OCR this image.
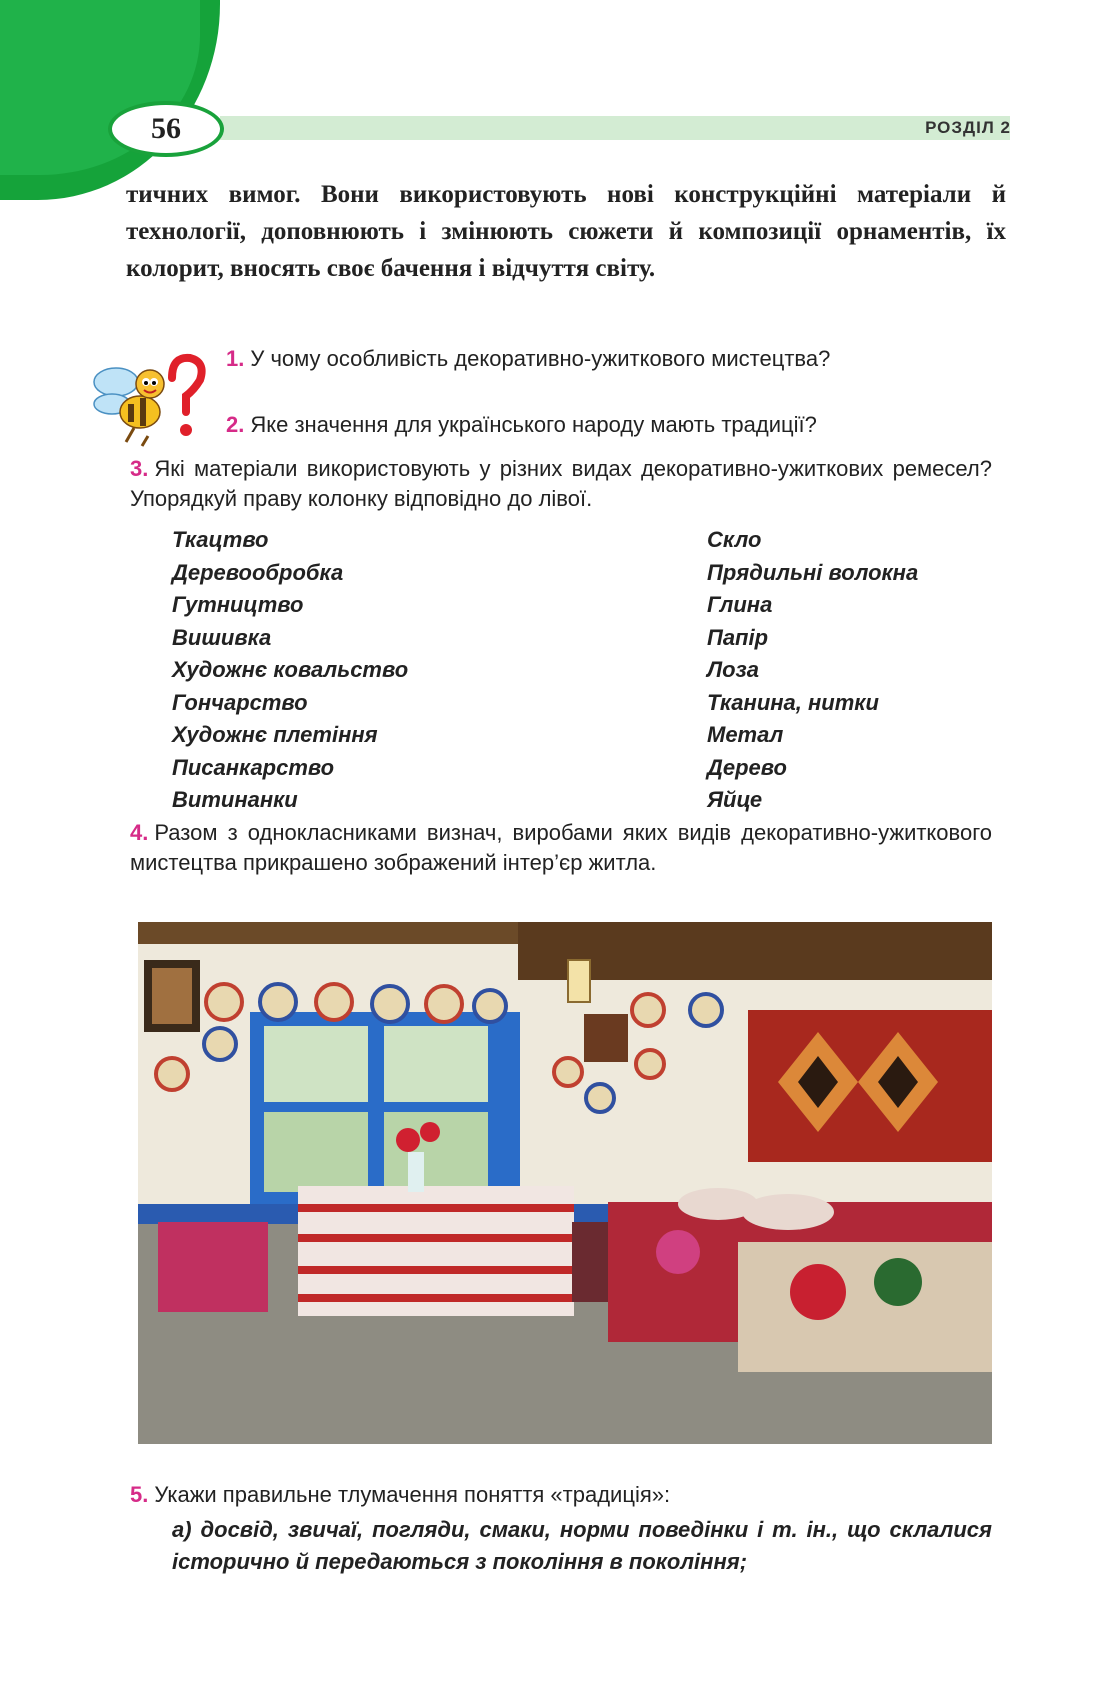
56	РОЗДІЛ 2
тичних вимог. Вони використовують нові конструкційні матеріали й технології, доповнюють і змінюють сюжети й композиції орнаментів, їх колорит, вносять своє бачення і відчуття світу.
1. У чому особливість декоративно-ужиткового мистецтва?
2. Яке значення для українського народу мають традиції?
3. Які матеріали використовують у різних видах декоративно-ужиткових ремесел? Упорядкуй праву колонку відповідно до лівої.
Ткацтво	Скло
Деревообробка	Прядильні волокна
Гутництво	Глина
Вишивка	Папір
Художнє ковальство	Лоза
Гончарство	Тканина, нитки
Художнє плетіння	Метал
Писанкарство	Дерево
Витинанки	Яйце
4. Разом з однокласниками визнач, виробами яких видів декоративно-ужиткового мистецтва прикрашено зображений інтер’єр житла.
5. Укажи правильне тлумачення поняття «традиція»:
а) досвід, звичаї, погляди, смаки, норми поведінки і т. ін., що склалися історично й передаються з покоління в покоління;
